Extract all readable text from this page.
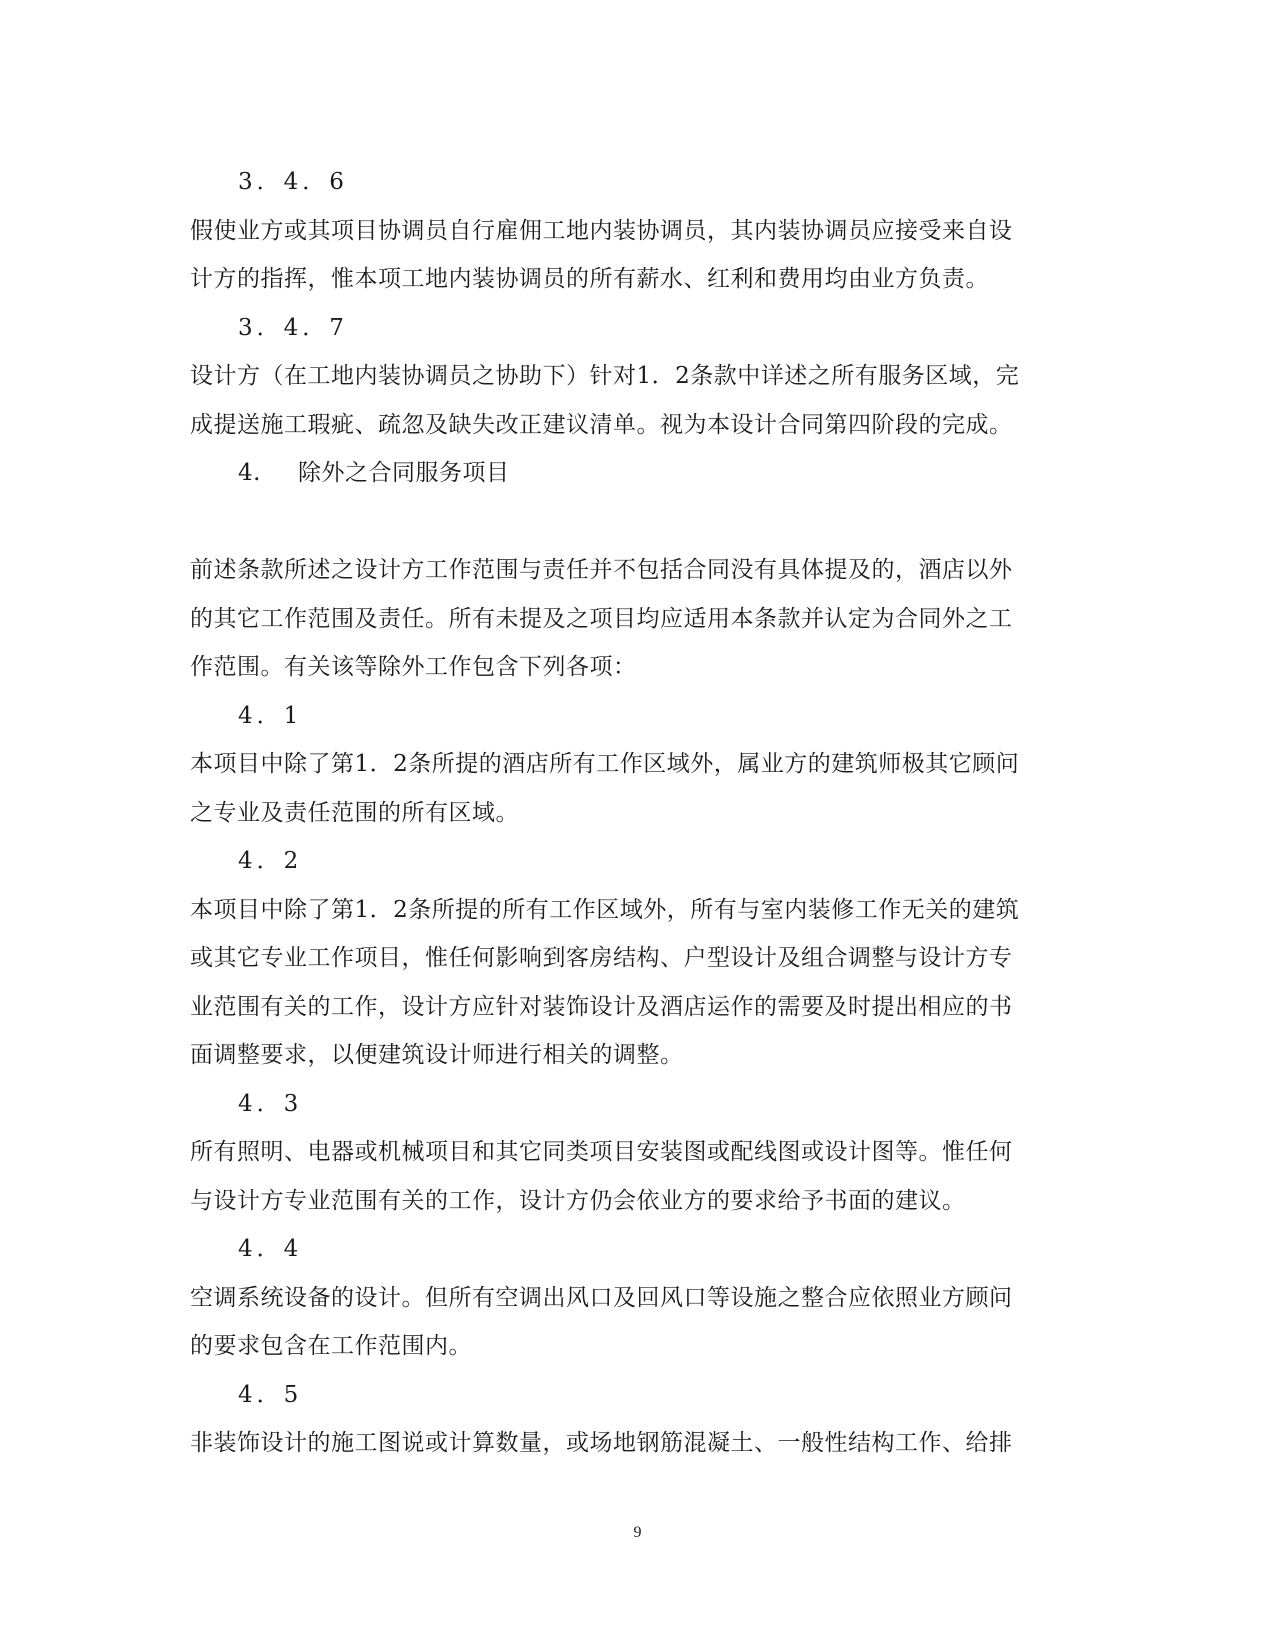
3．4．6
假使业方或其项目协调员自行雇佣工地内装协调员，其内装协调员应接受来自设
计方的指挥，惟本项工地内装协调员的所有薪水、红利和费用均由业方负责。
3．4．7
设计方（在工地内装协调员之协助下）针对1．2条款中详述之所有服务区域，完
成提送施工瑕疵、疏忽及缺失改正建议清单。视为本设计合同第四阶段的完成。
4. 除外之合同服务项目
前述条款所述之设计方工作范围与责任并不包括合同没有具体提及的，酒店以外
的其它工作范围及责任。所有未提及之项目均应适用本条款并认定为合同外之工
作范围。有关该等除外工作包含下列各项：
4．1
本项目中除了第1．2条所提的酒店所有工作区域外，属业方的建筑师极其它顾问
之专业及责任范围的所有区域。
4．2
本项目中除了第1．2条所提的所有工作区域外，所有与室内装修工作无关的建筑
或其它专业工作项目，惟任何影响到客房结构、户型设计及组合调整与设计方专
业范围有关的工作，设计方应针对装饰设计及酒店运作的需要及时提出相应的书
面调整要求，以便建筑设计师进行相关的调整。
4．3
所有照明、电器或机械项目和其它同类项目安装图或配线图或设计图等。惟任何
与设计方专业范围有关的工作，设计方仍会依业方的要求给予书面的建议。
4．4
空调系统设备的设计。但所有空调出风口及回风口等设施之整合应依照业方顾问
的要求包含在工作范围内。
4．5
非装饰设计的施工图说或计算数量，或场地钢筋混凝土、一般性结构工作、给排
9
